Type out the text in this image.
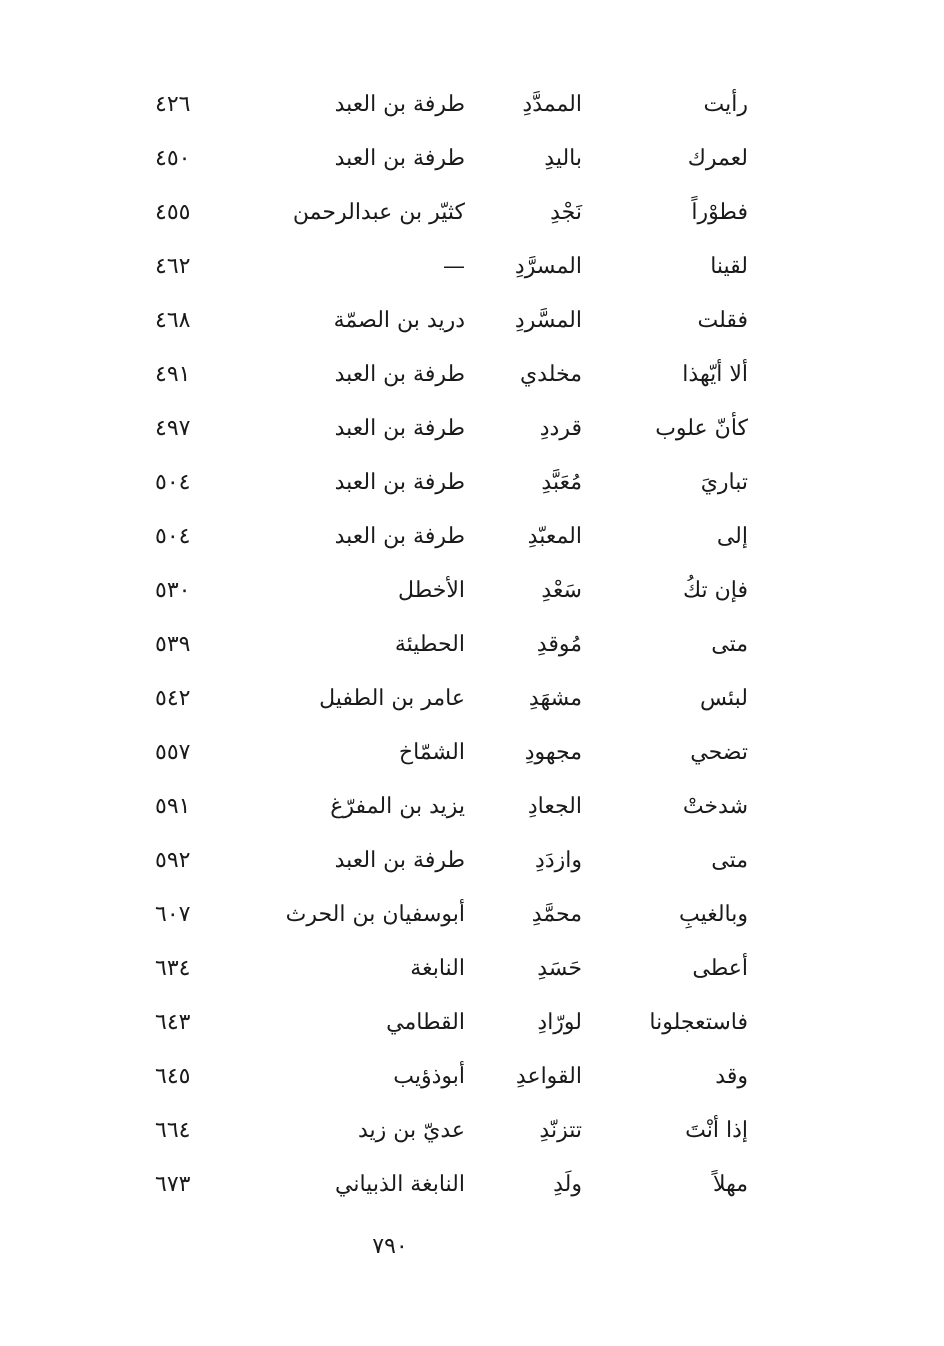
رأيت
الممدَّدِ
طرفة بن العبد
٤٢٦
لعمرك
باليدِ
طرفة بن العبد
٤٥٠
فطوْراً
نَجْدِ
كثيّر بن عبدالرحمن
٤٥٥
لقينا
المسرَّدِ
—
٤٦٢
فقلت
المسَّردِ
دريد بن الصمّة
٤٦٨
ألا أيّهذا
مخلدي
طرفة بن العبد
٤٩١
كأنّ علوب
قرددِ
طرفة بن العبد
٤٩٧
تباريَ
مُعَبَّدِ
طرفة بن العبد
٥٠٤
إلى
المعبّدِ
طرفة بن العبد
٥٠٤
فإن تكُ
سَعْدِ
الأخطل
٥٣٠
متى
مُوقدِ
الحطيئة
٥٣٩
لبئس
مشهَدِ
عامر بن الطفيل
٥٤٢
تضحي
مجهودِ
الشمّاخ
٥٥٧
شدختْ
الجعادِ
يزيد بن المفرّغ
٥٩١
متى
وازدَدِ
طرفة بن العبد
٥٩٢
وبالغيبِ
محمَّدِ
أبوسفيان بن الحرث
٦٠٧
أعطى
حَسَدِ
النابغة
٦٣٤
فاستعجلونا
لورّادِ
القطامي
٦٤٣
وقد
القواعدِ
أبوذؤيب
٦٤٥
إذا أنْتَ
تتزنّدِ
عديّ بن زيد
٦٦٤
مهلاً
ولَدِ
النابغة الذبياني
٦٧٣
٧٩٠
